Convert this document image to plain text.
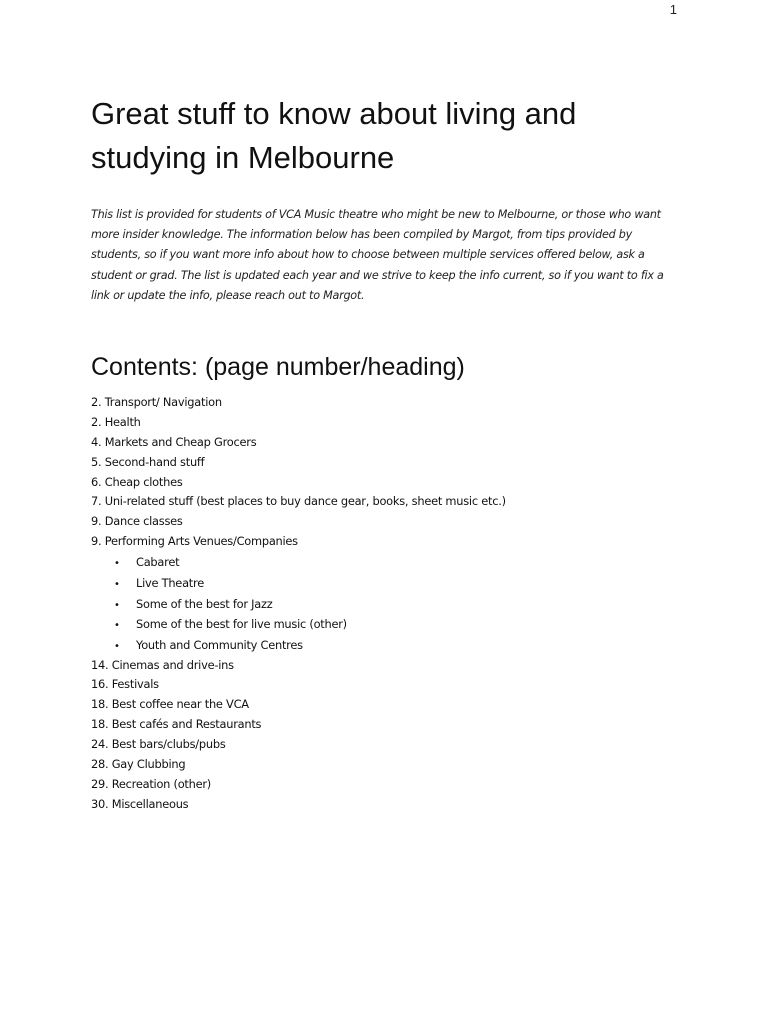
1
Great stuff to know about living and studying in Melbourne

This list is provided for students of VCA Music theatre who might be new to Melbourne, or those who want more insider knowledge. The information below has been compiled by Margot, from tips provided by students, so if you want more info about how to choose between multiple services offered below, ask a student or grad. The list is updated each year and we strive to keep the info current, so if you want to fix a link or update the info, please reach out to Margot.

Contents: (page number/heading)
2. Transport/ Navigation
2. Health
4. Markets and Cheap Grocers
5. Second-hand stuff
6. Cheap clothes
7. Uni-related stuff (best places to buy dance gear, books, sheet music etc.)
9. Dance classes
9. Performing Arts Venues/Companies
• Cabaret
• Live Theatre
• Some of the best for Jazz
• Some of the best for live music (other)
• Youth and Community Centres
14. Cinemas and drive-ins
16. Festivals
18. Best coffee near the VCA
18. Best cafés and Restaurants
24. Best bars/clubs/pubs
28. Gay Clubbing
29. Recreation (other)
30. Miscellaneous
